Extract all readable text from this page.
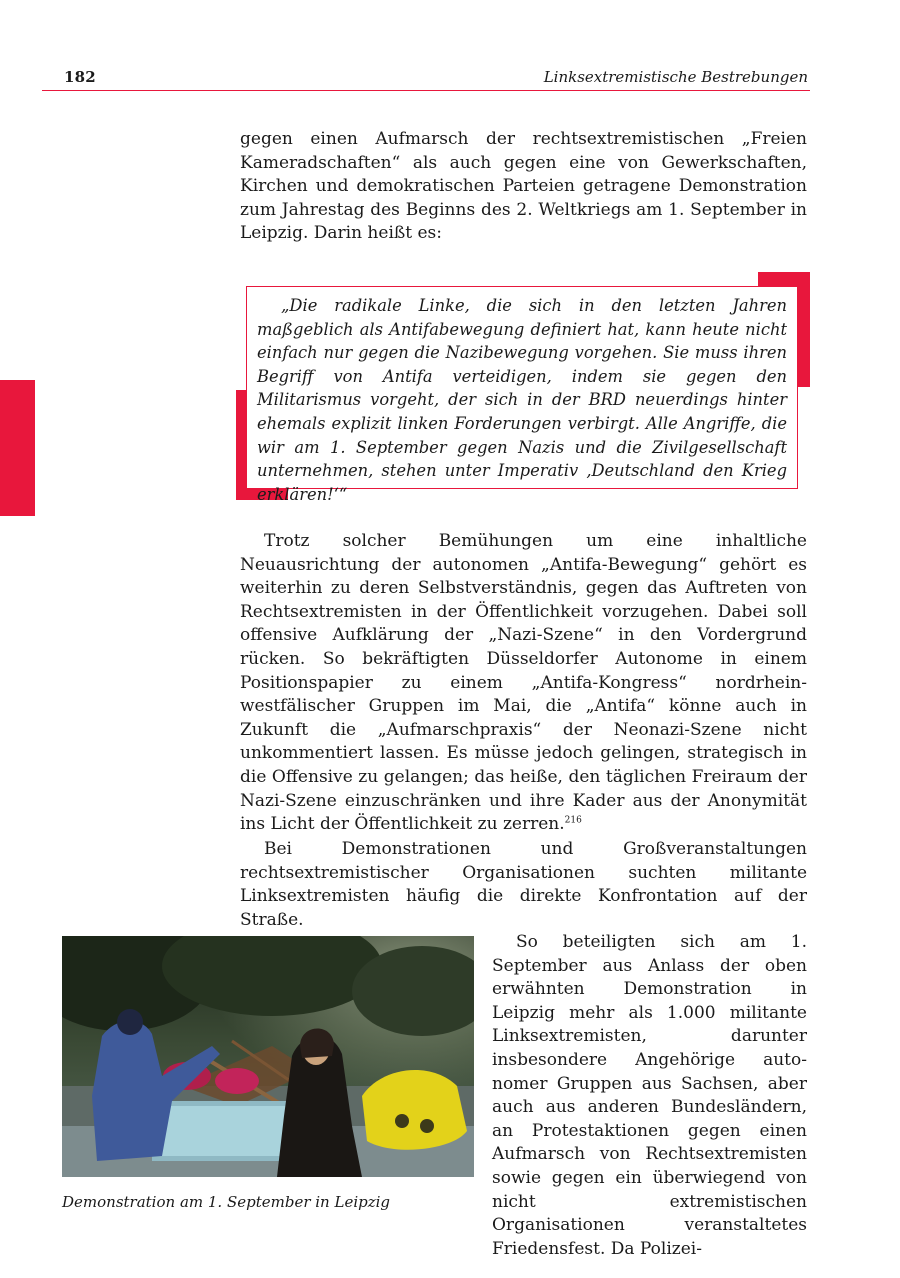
182	Linksextremistische Bestrebungen

gegen einen Aufmarsch der rechtsextremistischen „Freien Kameradschaften“ als auch gegen eine von Gewerkschaften, Kirchen und demokratischen Parteien getragene Demonstration zum Jahrestag des Beginns des 2. Weltkriegs am 1. September in Leipzig. Darin heißt es:

„Die radikale Linke, die sich in den letzten Jahren maßgeblich als Antifabewegung definiert hat, kann heute nicht einfach nur gegen die Nazibewegung vorgehen. Sie muss ihren Begriff von Antifa verteidigen, indem sie gegen den Militarismus vorgeht, der sich in der BRD neuerdings hinter ehemals explizit linken Forderungen verbirgt. Alle Angriffe, die wir am 1. September gegen Nazis und die Zivilgesellschaft unternehmen, stehen unter Imperativ ‚Deutschland den Krieg erklären!‘“

Trotz solcher Bemühungen um eine inhaltliche Neuausrichtung der autonomen „Antifa-Bewegung“ gehört es weiterhin zu deren Selbstverständnis, gegen das Auftreten von Rechtsextremisten in der Öffentlichkeit vorzugehen. Dabei soll offensive Aufklärung der „Nazi-Szene“ in den Vordergrund rücken. So bekräftigten Düsseldorfer Autonome in einem Positionspapier zu einem „Antifa-Kongress“ nordrhein-westfälischer Gruppen im Mai, die „Antifa“ könne auch in Zukunft die „Aufmarschpraxis“ der Neonazi-Szene nicht unkommentiert lassen. Es müsse jedoch gelingen, strategisch in die Offensive zu gelangen; das heiße, den täglichen Freiraum der Nazi-Szene einzuschränken und ihre Kader aus der Anonymität ins Licht der Öffentlichkeit zu zerren.$^{216}$

Bei Demonstrationen und Großveranstaltungen rechtsextremistischer Organisationen suchten militante Linksextremisten häufig die direkte Konfrontation auf der Straße.

Demonstration am 1. September in Leipzig

So beteiligten sich am 1. September aus Anlass der oben erwähnten Demonstration in Leipzig mehr als 1.000 militante Linksextremisten, darunter insbesondere Angehörige autonomer Gruppen aus Sachsen, aber auch aus anderen Bundesländern, an Protestaktionen gegen einen Aufmarsch von Rechtsextremisten sowie gegen ein überwiegend von nicht extremistischen Organisationen veranstaltetes Friedensfest. Da Polizei-
